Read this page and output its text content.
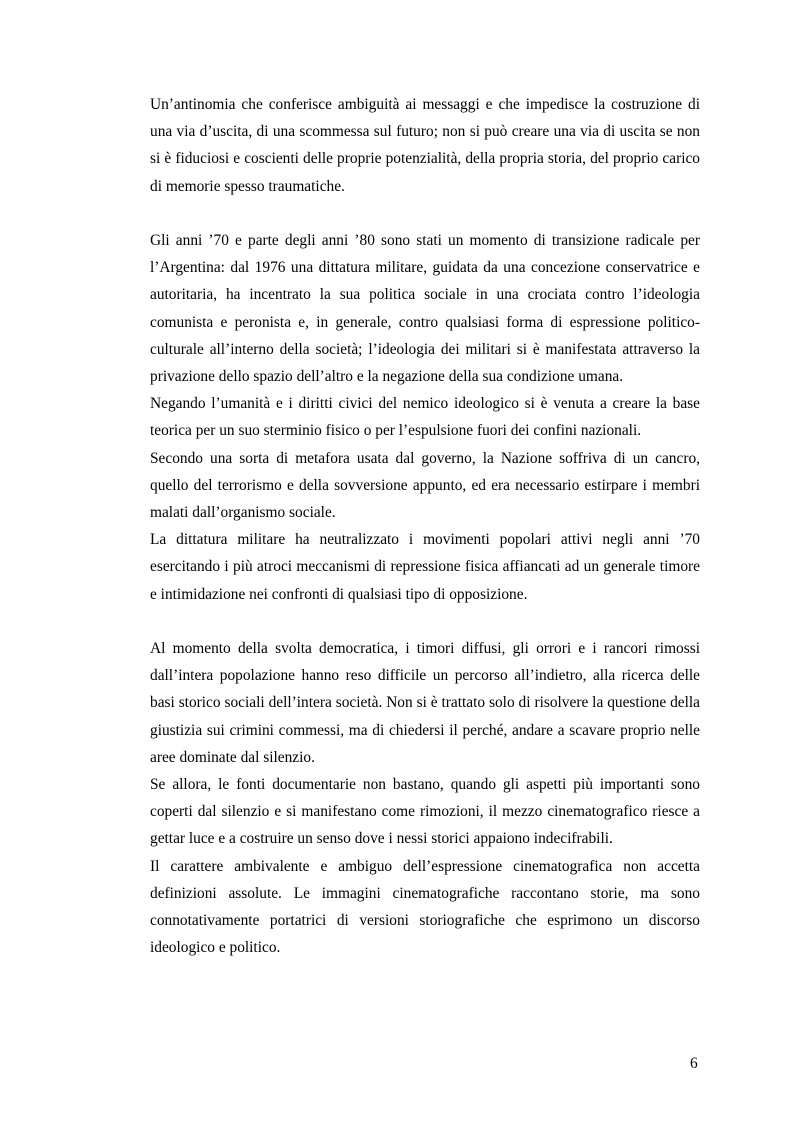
Un’antinomia che conferisce ambiguità ai messaggi e che impedisce la costruzione di una via d’uscita, di una scommessa sul futuro; non si può creare una via di uscita se non si è fiduciosi e coscienti delle proprie potenzialità, della propria storia, del proprio carico di memorie spesso traumatiche.

Gli anni ’70 e parte degli anni ’80 sono stati un momento di transizione radicale per l’Argentina: dal 1976 una dittatura militare, guidata da una concezione conservatrice e autoritaria, ha incentrato la sua politica sociale in una crociata contro l’ideologia comunista e peronista e, in generale, contro qualsiasi forma di espressione politico-culturale all’interno della società; l’ideologia dei militari si è manifestata attraverso la privazione dello spazio dell’altro e la negazione della sua condizione umana.

Negando l’umanità e i diritti civici del nemico ideologico si è venuta a creare la base teorica per un suo sterminio fisico o per l’espulsione fuori dei confini nazionali.

Secondo una sorta di metafora usata dal governo, la Nazione soffriva di un cancro, quello del terrorismo e della sovversione appunto, ed era necessario estirpare i membri malati dall’organismo sociale.

La dittatura militare ha neutralizzato i movimenti popolari attivi negli anni ’70 esercitando i più atroci meccanismi di repressione fisica affiancati ad un generale timore e intimidazione nei confronti di qualsiasi tipo di opposizione.

Al momento della svolta democratica, i timori diffusi, gli orrori e i rancori rimossi dall’intera popolazione hanno reso difficile un percorso all’indietro, alla ricerca delle basi storico sociali dell’intera società. Non si è trattato solo di risolvere la questione della giustizia sui crimini commessi, ma di chiedersi il perché, andare a scavare proprio nelle aree dominate dal silenzio.

Se allora, le fonti documentarie non bastano, quando gli aspetti più importanti sono coperti dal silenzio e si manifestano come rimozioni, il mezzo cinematografico riesce a gettar luce e a costruire un senso dove i nessi storici appaiono indecifrabili.

Il carattere ambivalente e ambiguo dell’espressione cinematografica non accetta definizioni assolute. Le immagini cinematografiche raccontano storie, ma sono connotativamente portatrici di versioni storiografiche che esprimono un discorso ideologico e politico.

6
